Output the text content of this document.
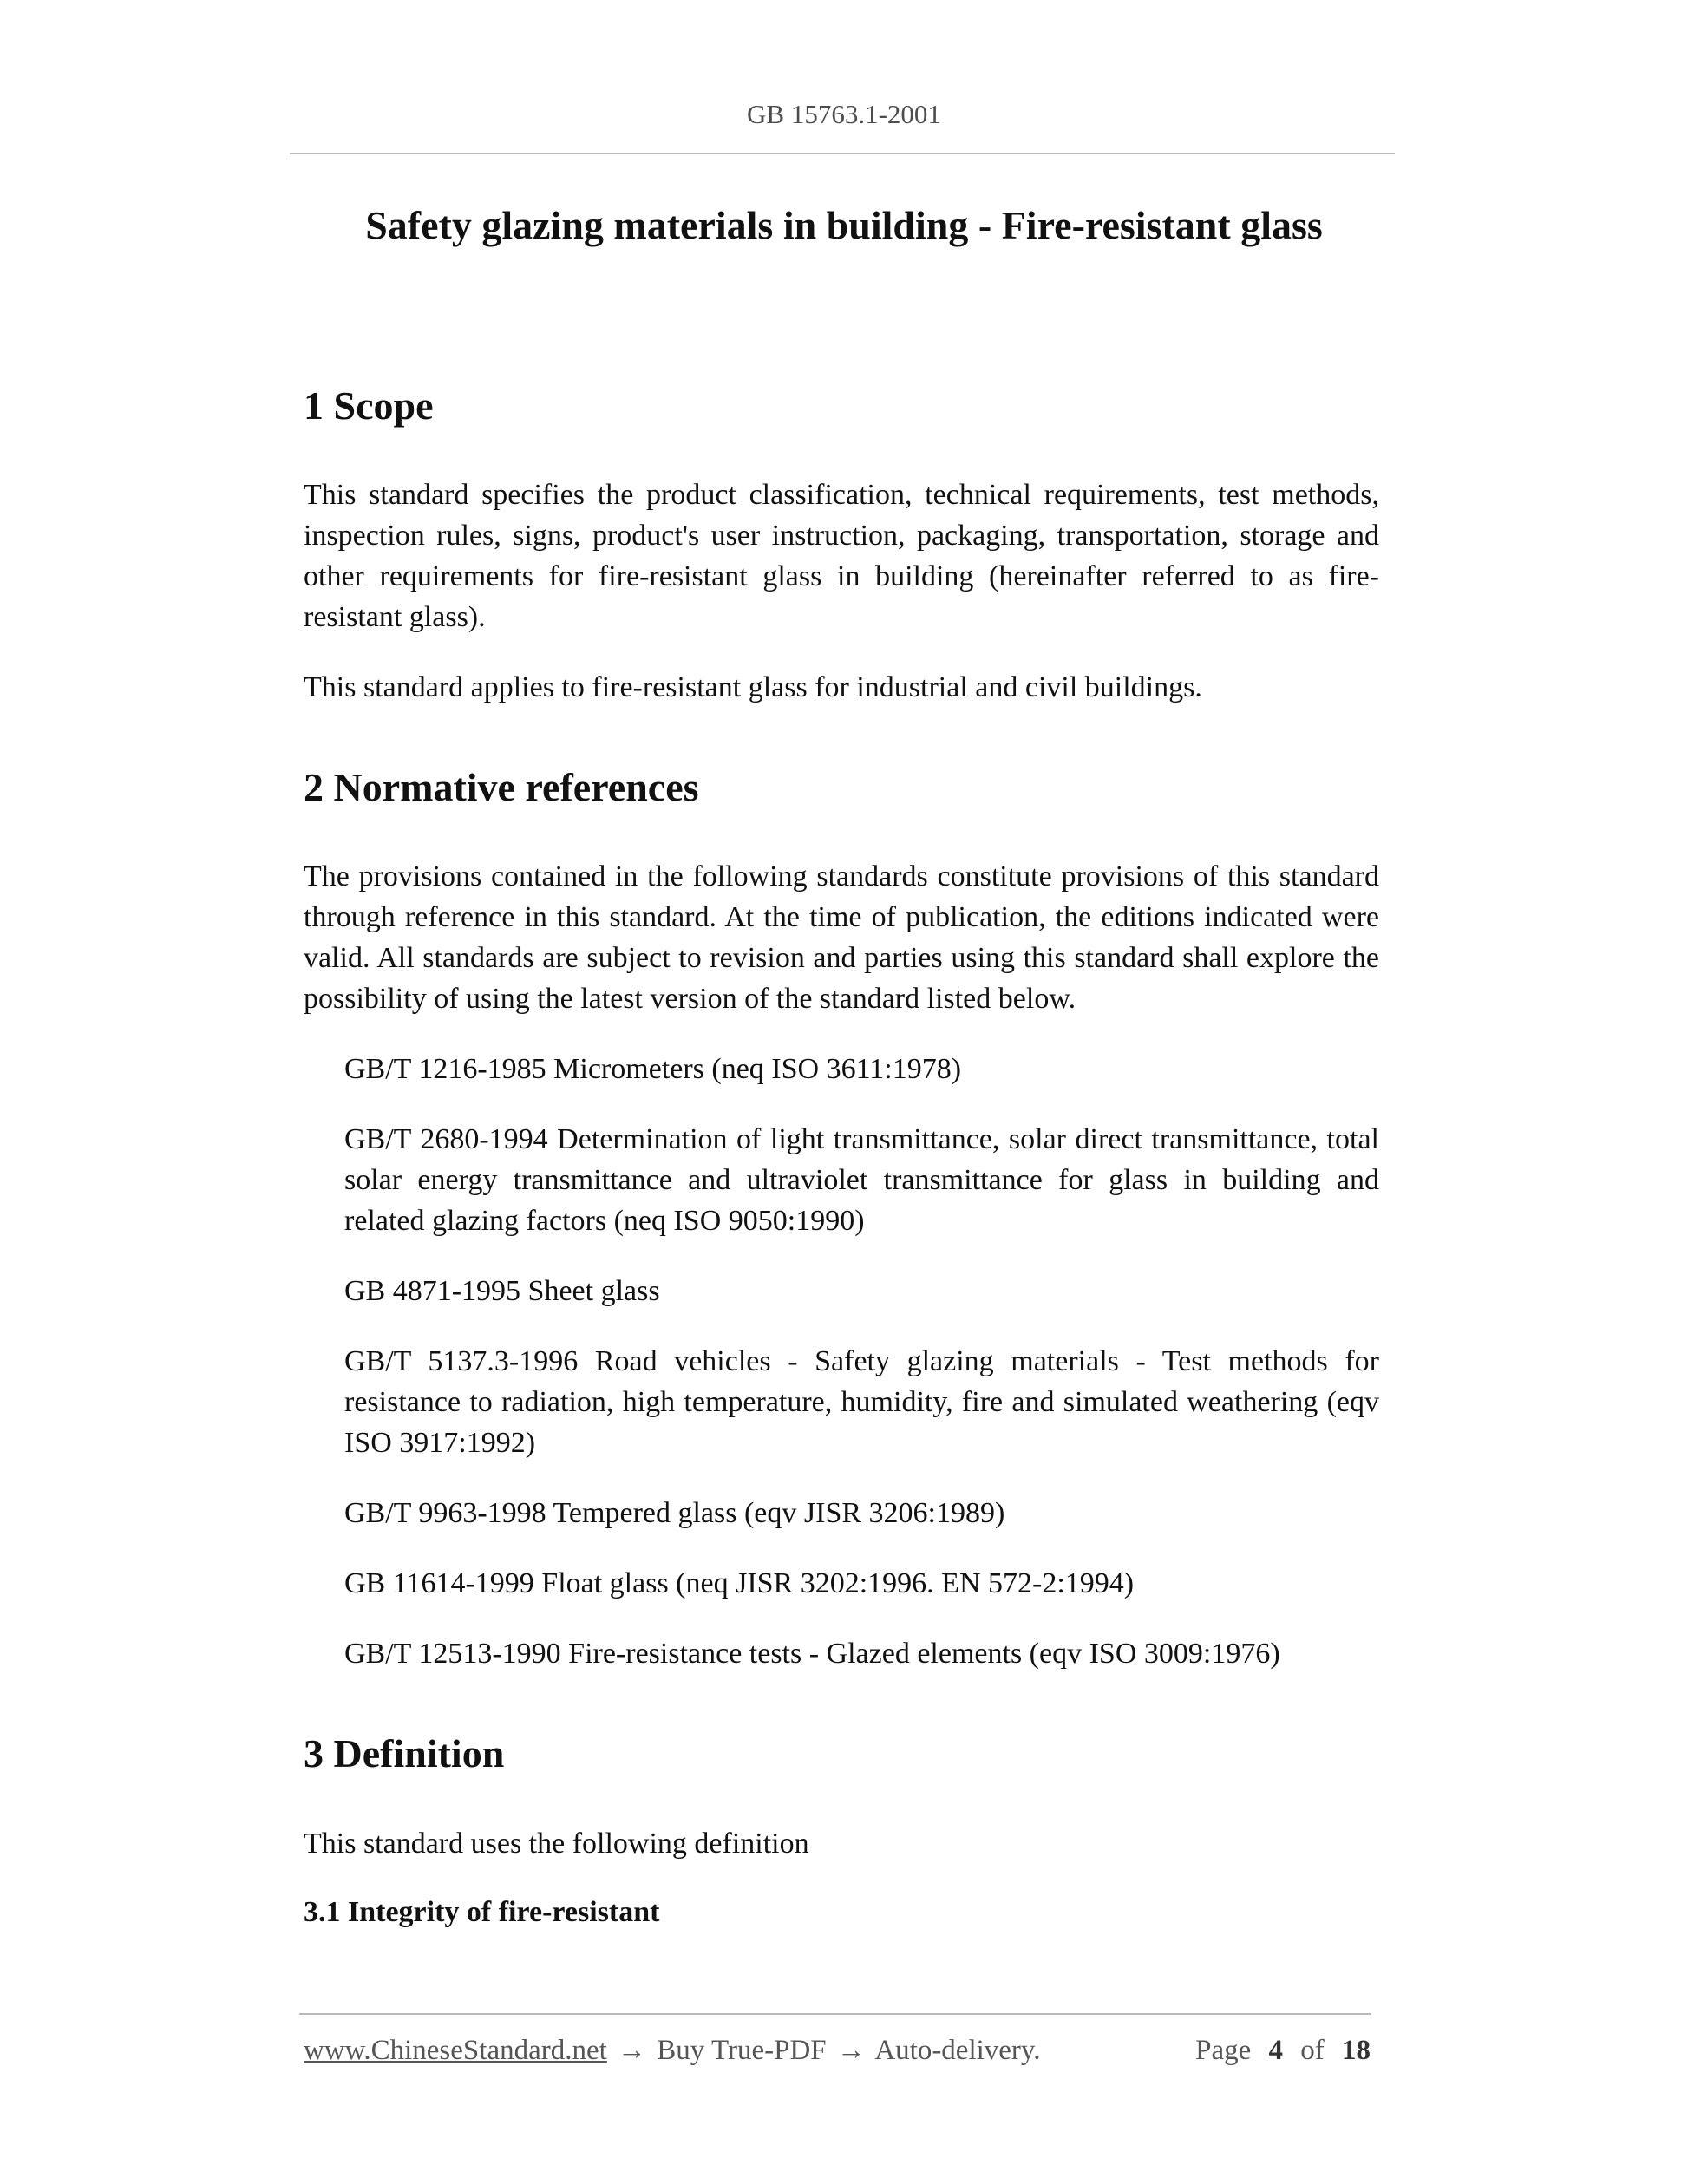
GB 15763.1-2001
Safety glazing materials in building - Fire-resistant glass
1 Scope

This standard specifies the product classification, technical requirements, test methods, inspection rules, signs, product's user instruction, packaging, transportation, storage and other requirements for fire-resistant glass in building (hereinafter referred to as fire-resistant glass).

This standard applies to fire-resistant glass for industrial and civil buildings.

2 Normative references

The provisions contained in the following standards constitute provisions of this standard through reference in this standard. At the time of publication, the editions indicated were valid. All standards are subject to revision and parties using this standard shall explore the possibility of using the latest version of the standard listed below.

GB/T 1216-1985 Micrometers (neq ISO 3611:1978)
GB/T 2680-1994 Determination of light transmittance, solar direct transmittance, total solar energy transmittance and ultraviolet transmittance for glass in building and related glazing factors (neq ISO 9050:1990)
GB 4871-1995 Sheet glass
GB/T 5137.3-1996 Road vehicles - Safety glazing materials - Test methods for resistance to radiation, high temperature, humidity, fire and simulated weathering (eqv ISO 3917:1992)
GB/T 9963-1998 Tempered glass (eqv JISR 3206:1989)
GB 11614-1999 Float glass (neq JISR 3202:1996. EN 572-2:1994)
GB/T 12513-1990 Fire-resistance tests - Glazed elements (eqv ISO 3009:1976)
3 Definition

This standard uses the following definition

3.1 Integrity of fire-resistant
www.ChineseStandard.net → Buy True-PDF → Auto-delivery.	Page 4 of 18
